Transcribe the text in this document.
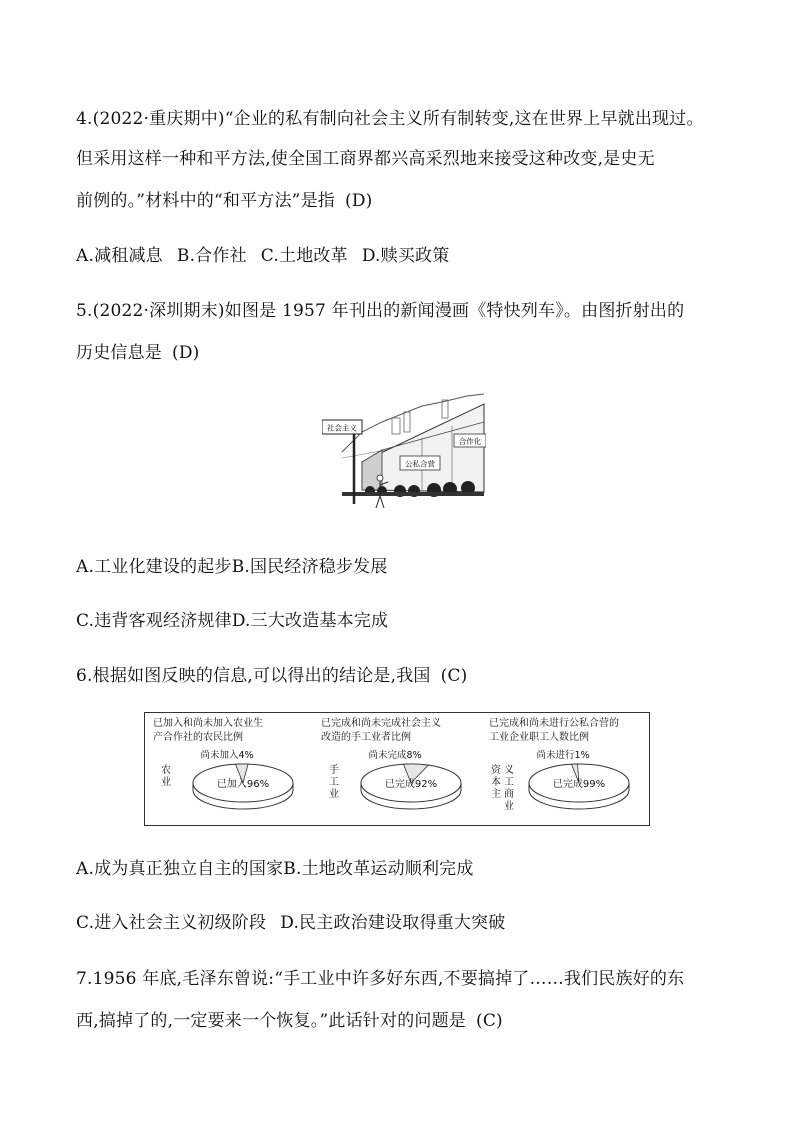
4.(2022·重庆期中)“企业的私有制向社会主义所有制转变,这在世界上早就出现过。
但采用这样一种和平方法,使全国工商界都兴高采烈地来接受这种改变,是史无
前例的。”材料中的“和平方法”是指 (D)
A.减租减息 B.合作社 C.土地改革 D.赎买政策
5.(2022·深圳期末)如图是 1957 年刊出的新闻漫画《特快列车》。由图折射出的
历史信息是 (D)
社会主义
公私合营
合作化
A.工业化建设的起步B.国民经济稳步发展
C.违背客观经济规律D.三大改造基本完成
6.根据如图反映的信息,可以得出的结论是,我国 (C)
已加入和尚未加入农业生
产合作社的农民比例
农
业
尚未加入4%
已加入96%
已完成和尚未完成社会主义
改造的手工业者比例
手
工
业
尚未完成8%
已完成92%
已完成和尚未进行公私合营的
工业企业职工人数比例
资
本
主
义
工
商
业
尚未进行1%
已完成99%
A.成为真正独立自主的国家B.土地改革运动顺利完成
C.进入社会主义初级阶段 D.民主政治建设取得重大突破
7.1956 年底,毛泽东曾说:“手工业中许多好东西,不要搞掉了……我们民族好的东
西,搞掉了的,一定要来一个恢复。”此话针对的问题是 (C)
